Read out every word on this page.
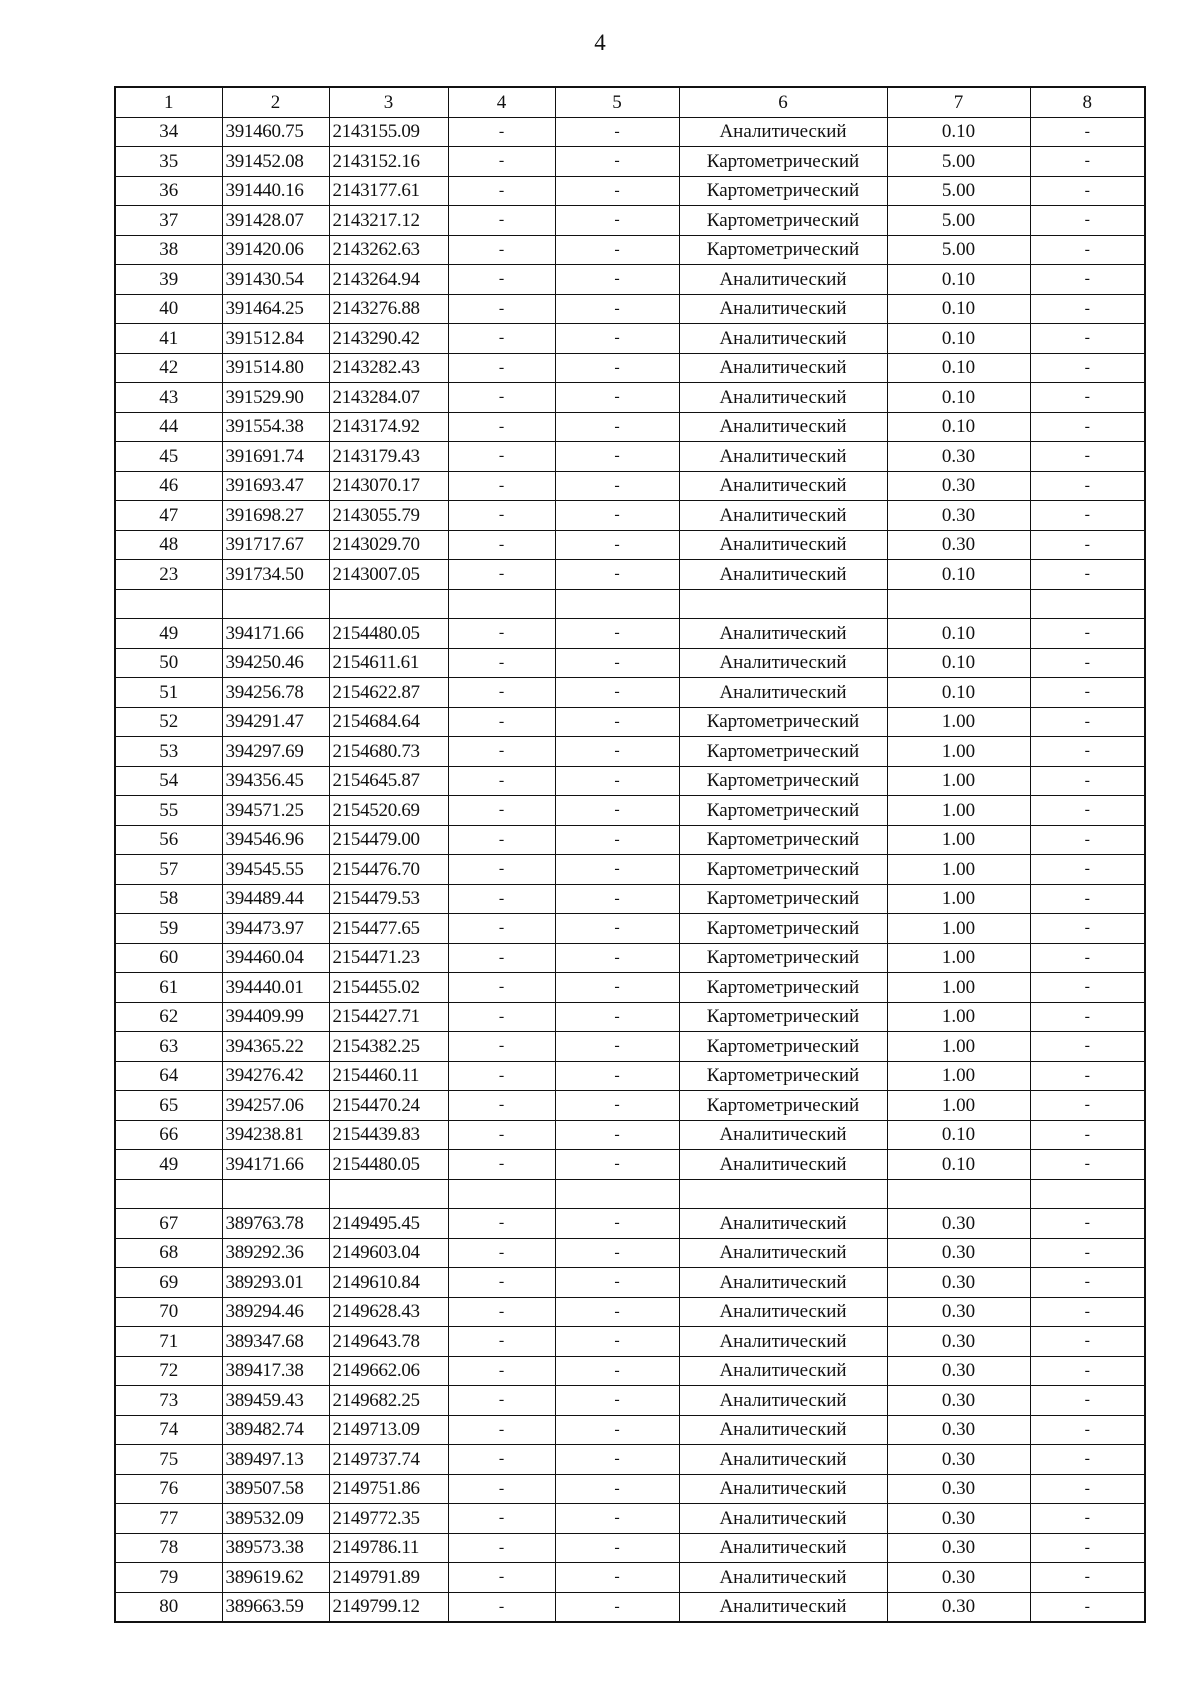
4
1	2	3	4	5	6	7	8
34	391460.75	2143155.09	-	-	Аналитический	0.10	-
35	391452.08	2143152.16	-	-	Картометрический	5.00	-
36	391440.16	2143177.61	-	-	Картометрический	5.00	-
37	391428.07	2143217.12	-	-	Картометрический	5.00	-
38	391420.06	2143262.63	-	-	Картометрический	5.00	-
39	391430.54	2143264.94	-	-	Аналитический	0.10	-
40	391464.25	2143276.88	-	-	Аналитический	0.10	-
41	391512.84	2143290.42	-	-	Аналитический	0.10	-
42	391514.80	2143282.43	-	-	Аналитический	0.10	-
43	391529.90	2143284.07	-	-	Аналитический	0.10	-
44	391554.38	2143174.92	-	-	Аналитический	0.10	-
45	391691.74	2143179.43	-	-	Аналитический	0.30	-
46	391693.47	2143070.17	-	-	Аналитический	0.30	-
47	391698.27	2143055.79	-	-	Аналитический	0.30	-
48	391717.67	2143029.70	-	-	Аналитический	0.30	-
23	391734.50	2143007.05	-	-	Аналитический	0.10	-

49	394171.66	2154480.05	-	-	Аналитический	0.10	-
50	394250.46	2154611.61	-	-	Аналитический	0.10	-
51	394256.78	2154622.87	-	-	Аналитический	0.10	-
52	394291.47	2154684.64	-	-	Картометрический	1.00	-
53	394297.69	2154680.73	-	-	Картометрический	1.00	-
54	394356.45	2154645.87	-	-	Картометрический	1.00	-
55	394571.25	2154520.69	-	-	Картометрический	1.00	-
56	394546.96	2154479.00	-	-	Картометрический	1.00	-
57	394545.55	2154476.70	-	-	Картометрический	1.00	-
58	394489.44	2154479.53	-	-	Картометрический	1.00	-
59	394473.97	2154477.65	-	-	Картометрический	1.00	-
60	394460.04	2154471.23	-	-	Картометрический	1.00	-
61	394440.01	2154455.02	-	-	Картометрический	1.00	-
62	394409.99	2154427.71	-	-	Картометрический	1.00	-
63	394365.22	2154382.25	-	-	Картометрический	1.00	-
64	394276.42	2154460.11	-	-	Картометрический	1.00	-
65	394257.06	2154470.24	-	-	Картометрический	1.00	-
66	394238.81	2154439.83	-	-	Аналитический	0.10	-
49	394171.66	2154480.05	-	-	Аналитический	0.10	-

67	389763.78	2149495.45	-	-	Аналитический	0.30	-
68	389292.36	2149603.04	-	-	Аналитический	0.30	-
69	389293.01	2149610.84	-	-	Аналитический	0.30	-
70	389294.46	2149628.43	-	-	Аналитический	0.30	-
71	389347.68	2149643.78	-	-	Аналитический	0.30	-
72	389417.38	2149662.06	-	-	Аналитический	0.30	-
73	389459.43	2149682.25	-	-	Аналитический	0.30	-
74	389482.74	2149713.09	-	-	Аналитический	0.30	-
75	389497.13	2149737.74	-	-	Аналитический	0.30	-
76	389507.58	2149751.86	-	-	Аналитический	0.30	-
77	389532.09	2149772.35	-	-	Аналитический	0.30	-
78	389573.38	2149786.11	-	-	Аналитический	0.30	-
79	389619.62	2149791.89	-	-	Аналитический	0.30	-
80	389663.59	2149799.12	-	-	Аналитический	0.30	-
